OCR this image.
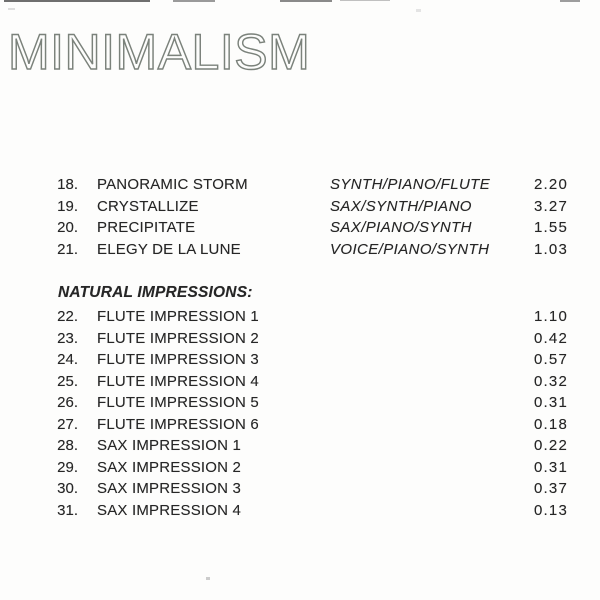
MINIMALISM
18.	PANORAMIC STORM	SYNTH/PIANO/FLUTE	2.20
19.	CRYSTALLIZE	SAX/SYNTH/PIANO	3.27
20.	PRECIPITATE	SAX/PIANO/SYNTH	1.55
21.	ELEGY DE LA LUNE	VOICE/PIANO/SYNTH	1.03
NATURAL IMPRESSIONS:
22.	FLUTE IMPRESSION 1	1.10
23.	FLUTE IMPRESSION 2	0.42
24.	FLUTE IMPRESSION 3	0.57
25.	FLUTE IMPRESSION 4	0.32
26.	FLUTE IMPRESSION 5	0.31
27.	FLUTE IMPRESSION 6	0.18
28.	SAX IMPRESSION 1	0.22
29.	SAX IMPRESSION 2	0.31
30.	SAX IMPRESSION 3	0.37
31.	SAX IMPRESSION 4	0.13
